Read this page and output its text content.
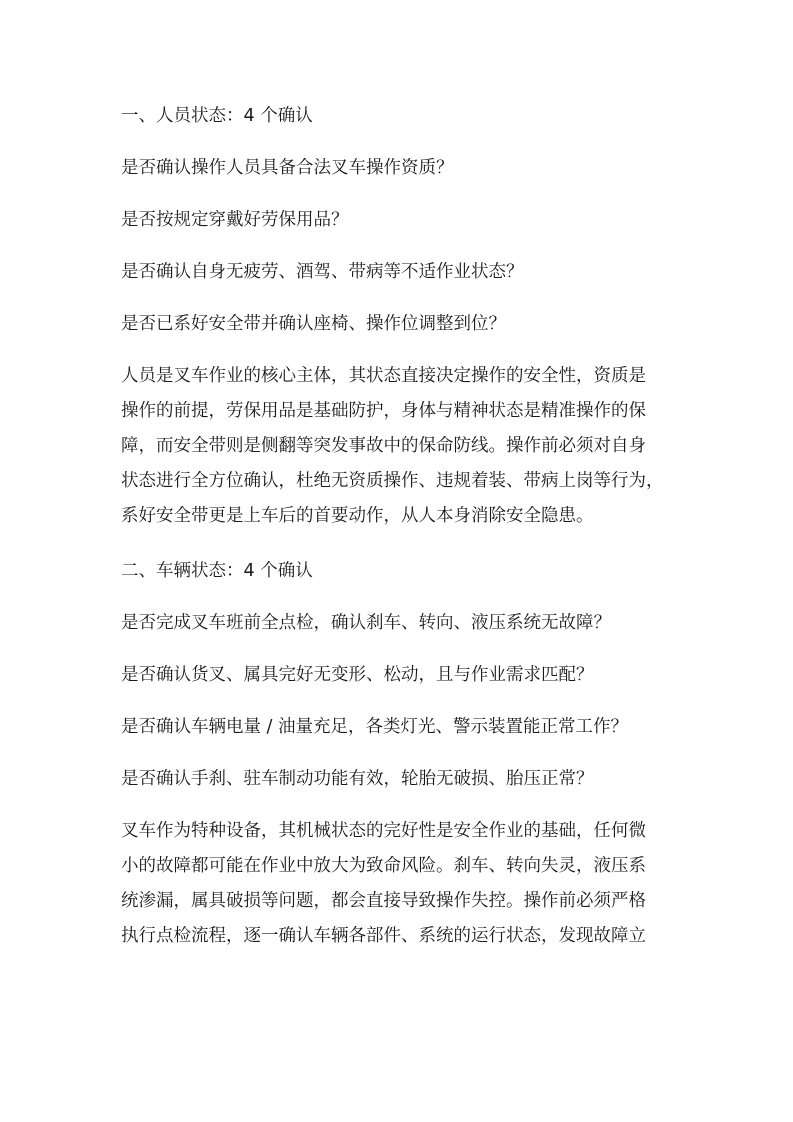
一、人员状态：4 个确认
是否确认操作人员具备合法叉车操作资质？
是否按规定穿戴好劳保用品？
是否确认自身无疲劳、酒驾、带病等不适作业状态？
是否已系好安全带并确认座椅、操作位调整到位？
人员是叉车作业的核心主体，其状态直接决定操作的安全性，资质是
操作的前提，劳保用品是基础防护，身体与精神状态是精准操作的保
障，而安全带则是侧翻等突发事故中的保命防线。操作前必须对自身
状态进行全方位确认，杜绝无资质操作、违规着装、带病上岗等行为，
系好安全带更是上车后的首要动作，从人本身消除安全隐患。
二、车辆状态：4 个确认
是否完成叉车班前全点检，确认刹车、转向、液压系统无故障？
是否确认货叉、属具完好无变形、松动，且与作业需求匹配？
是否确认车辆电量 / 油量充足，各类灯光、警示装置能正常工作？
是否确认手刹、驻车制动功能有效，轮胎无破损、胎压正常？
叉车作为特种设备，其机械状态的完好性是安全作业的基础，任何微
小的故障都可能在作业中放大为致命风险。刹车、转向失灵，液压系
统渗漏，属具破损等问题，都会直接导致操作失控。操作前必须严格
执行点检流程，逐一确认车辆各部件、系统的运行状态，发现故障立
